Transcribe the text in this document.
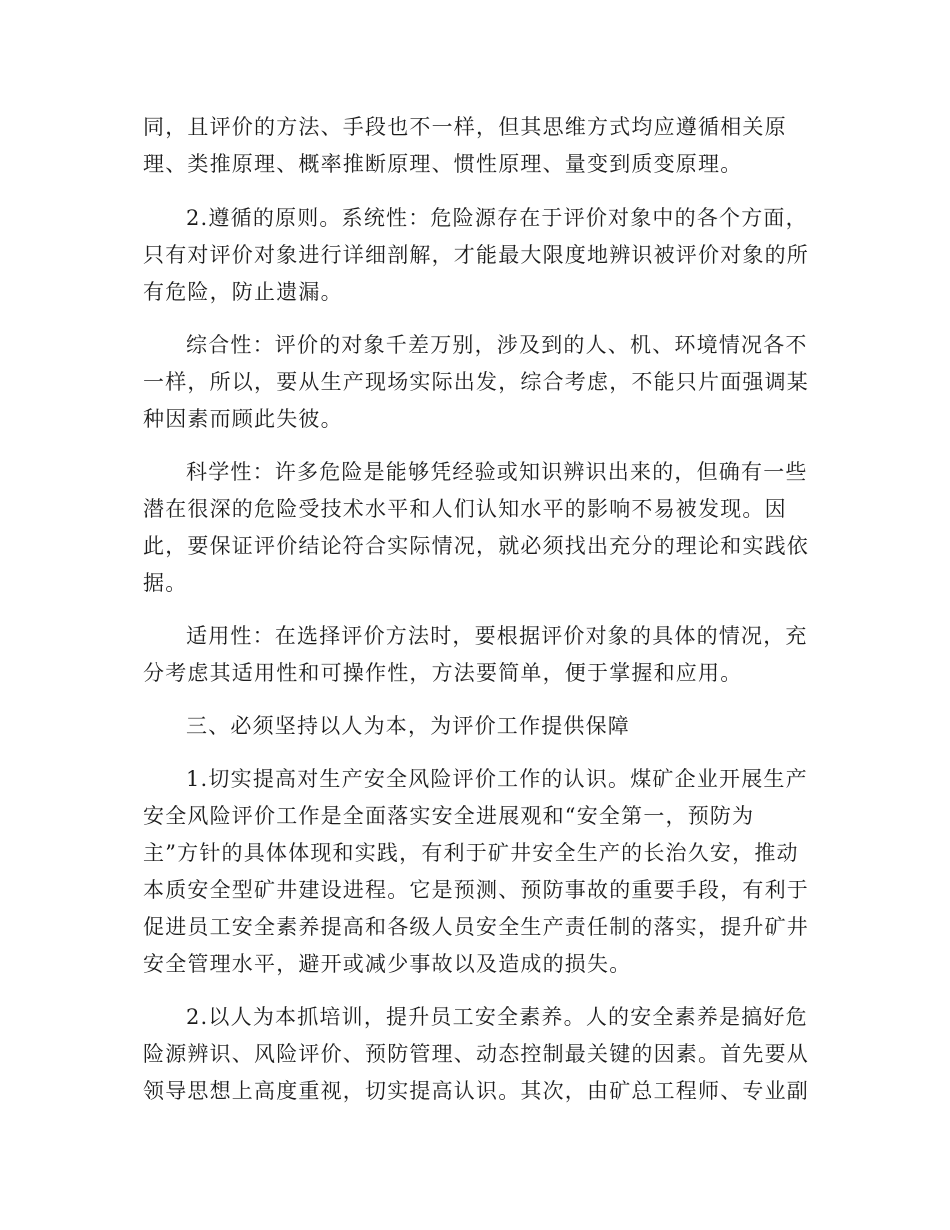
同，且评价的方法、手段也不一样，但其思维方式均应遵循相关原

理、类推原理、概率推断原理、惯性原理、量变到质变原理。

2.遵循的原则。系统性：危险源存在于评价对象中的各个方面，

只有对评价对象进行详细剖解，才能最大限度地辨识被评价对象的所

有危险，防止遗漏。

综合性：评价的对象千差万别，涉及到的人、机、环境情况各不

一样，所以，要从生产现场实际出发，综合考虑，不能只片面强调某

种因素而顾此失彼。

科学性：许多危险是能够凭经验或知识辨识出来的，但确有一些

潜在很深的危险受技术水平和人们认知水平的影响不易被发现。因

此，要保证评价结论符合实际情况，就必须找出充分的理论和实践依

据。

适用性：在选择评价方法时，要根据评价对象的具体的情况，充

分考虑其适用性和可操作性，方法要简单，便于掌握和应用。

三、必须坚持以人为本，为评价工作提供保障

1.切实提高对生产安全风险评价工作的认识。煤矿企业开展生产

安全风险评价工作是全面落实安全进展观和“安全第一，预防为

主”方针的具体体现和实践，有利于矿井安全生产的长治久安，推动

本质安全型矿井建设进程。它是预测、预防事故的重要手段，有利于

促进员工安全素养提高和各级人员安全生产责任制的落实，提升矿井

安全管理水平，避开或减少事故以及造成的损失。

2.以人为本抓培训，提升员工安全素养。人的安全素养是搞好危

险源辨识、风险评价、预防管理、动态控制最关键的因素。首先要从

领导思想上高度重视，切实提高认识。其次，由矿总工程师、专业副
